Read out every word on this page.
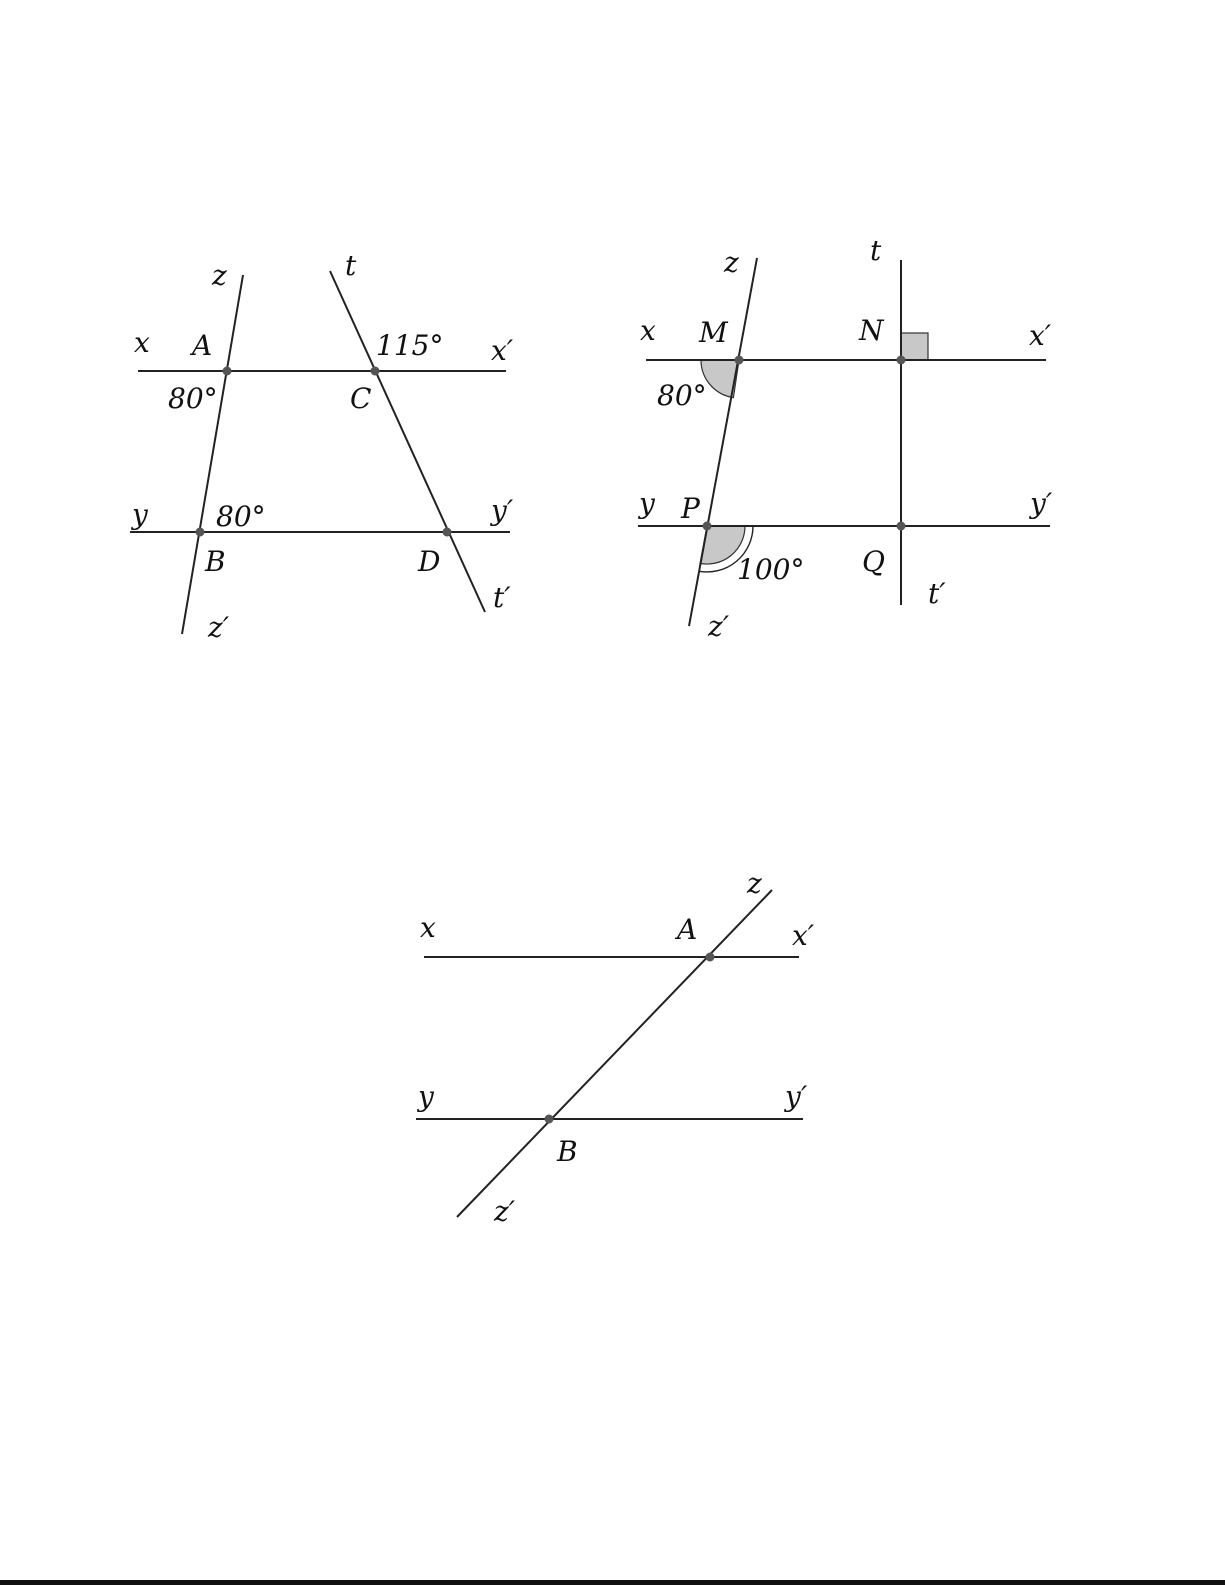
z	t
x A	115° x′
80°	C
y 80°	y′
B	D
t′
z′
z	t
x M	N	x′
80°
y P	y′
100° Q
t′
z′
z
x	A	x′
y	y′
B
z′
